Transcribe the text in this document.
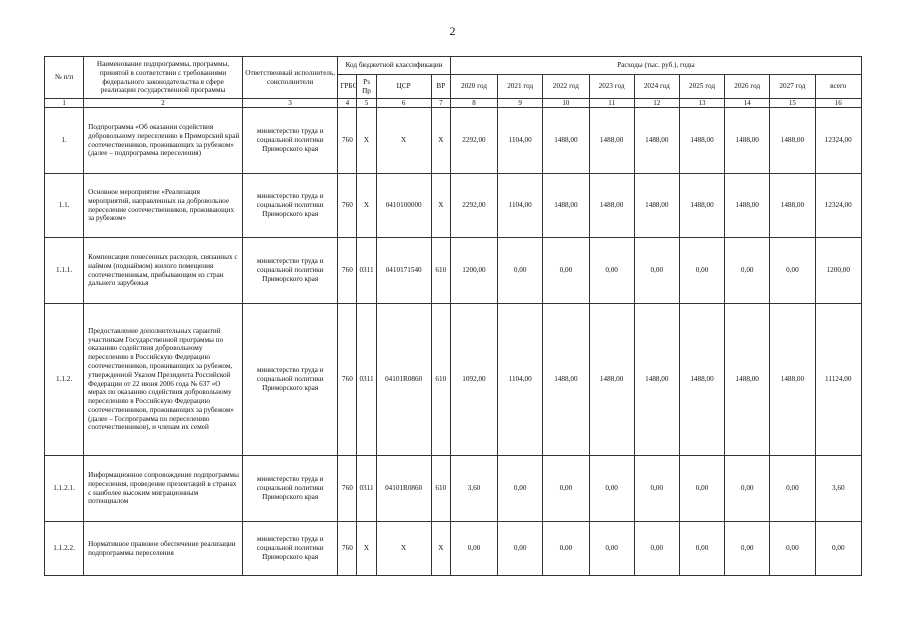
2
№ п/п	Наименование подпрограммы, программы, принятой в соответствии с требованиями федерального законодательства в сфере реализации государственной программы	Ответственный исполнитель, соисполнители	Код бюджетной классификации				Расходы (тыс. руб.), годы								
			ГРБС	Рз Пр	ЦСР	ВР	2020 год	2021 год	2022 год	2023 год	2024 год	2025 год	2026 год	2027 год	всего
1	2	3	4	5	6	7	8	9	10	11	12	13	14	15	16
1.	Подпрограмма «Об оказании содействия добровольному переселению в Приморский край соотечественников, проживающих за рубежом» (далее – подпрограмма переселения)	министерство труда и социальной политики Приморского края	760	X	X	X	2292,00	1104,00	1488,00	1488,00	1488,00	1488,00	1488,00	1488,00	12324,00
1.1.	Основное мероприятие «Реализация мероприятий, направленных на добровольное переселение соотечественников, проживающих за рубежом»	министерство труда и социальной политики Приморского края	760	X	0410100000	X	2292,00	1104,00	1488,00	1488,00	1488,00	1488,00	1488,00	1488,00	12324,00
1.1.1.	Компенсация понесенных расходов, связанных с наймом (поднаймом) жилого помещения соотечественникам, прибывающим из стран дальнего зарубежья	министерство труда и социальной политики Приморского края	760	0311	0410171540	610	1200,00	0,00	0,00	0,00	0,00	0,00	0,00	0,00	1200,00
1.1.2.	Предоставление дополнительных гарантий участникам Государственной программы по оказанию содействия добровольному переселению в Российскую Федерацию соотечественников, проживающих за рубежом, утвержденной Указом Президента Российской Федерации от 22 июня 2006 года № 637 «О мерах по оказанию содействия добровольному переселению в Российскую Федерацию соотечественников, проживающих за рубежом» (далее – Госпрограмма по переселению соотечественников), и членам их семей	министерство труда и социальной политики Приморского края	760	0311	04101R0860	610	1092,00	1104,00	1488,00	1488,00	1488,00	1488,00	1488,00	1488,00	11124,00
1.1.2.1.	Информационное сопровождение подпрограммы переселения, проведение презентаций в странах с наиболее высоким миграционным потенциалом	министерство труда и социальной политики Приморского края	760	0311	04101R0860	610	3,60	0,00	0,00	0,00	0,00	0,00	0,00	0,00	3,60
1.1.2.2.	Нормативное правовое обеспечение реализации подпрограммы переселения	министерство труда и социальной политики Приморского края	760	X	X	X	0,00	0,00	0,00	0,00	0,00	0,00	0,00	0,00	0,00
